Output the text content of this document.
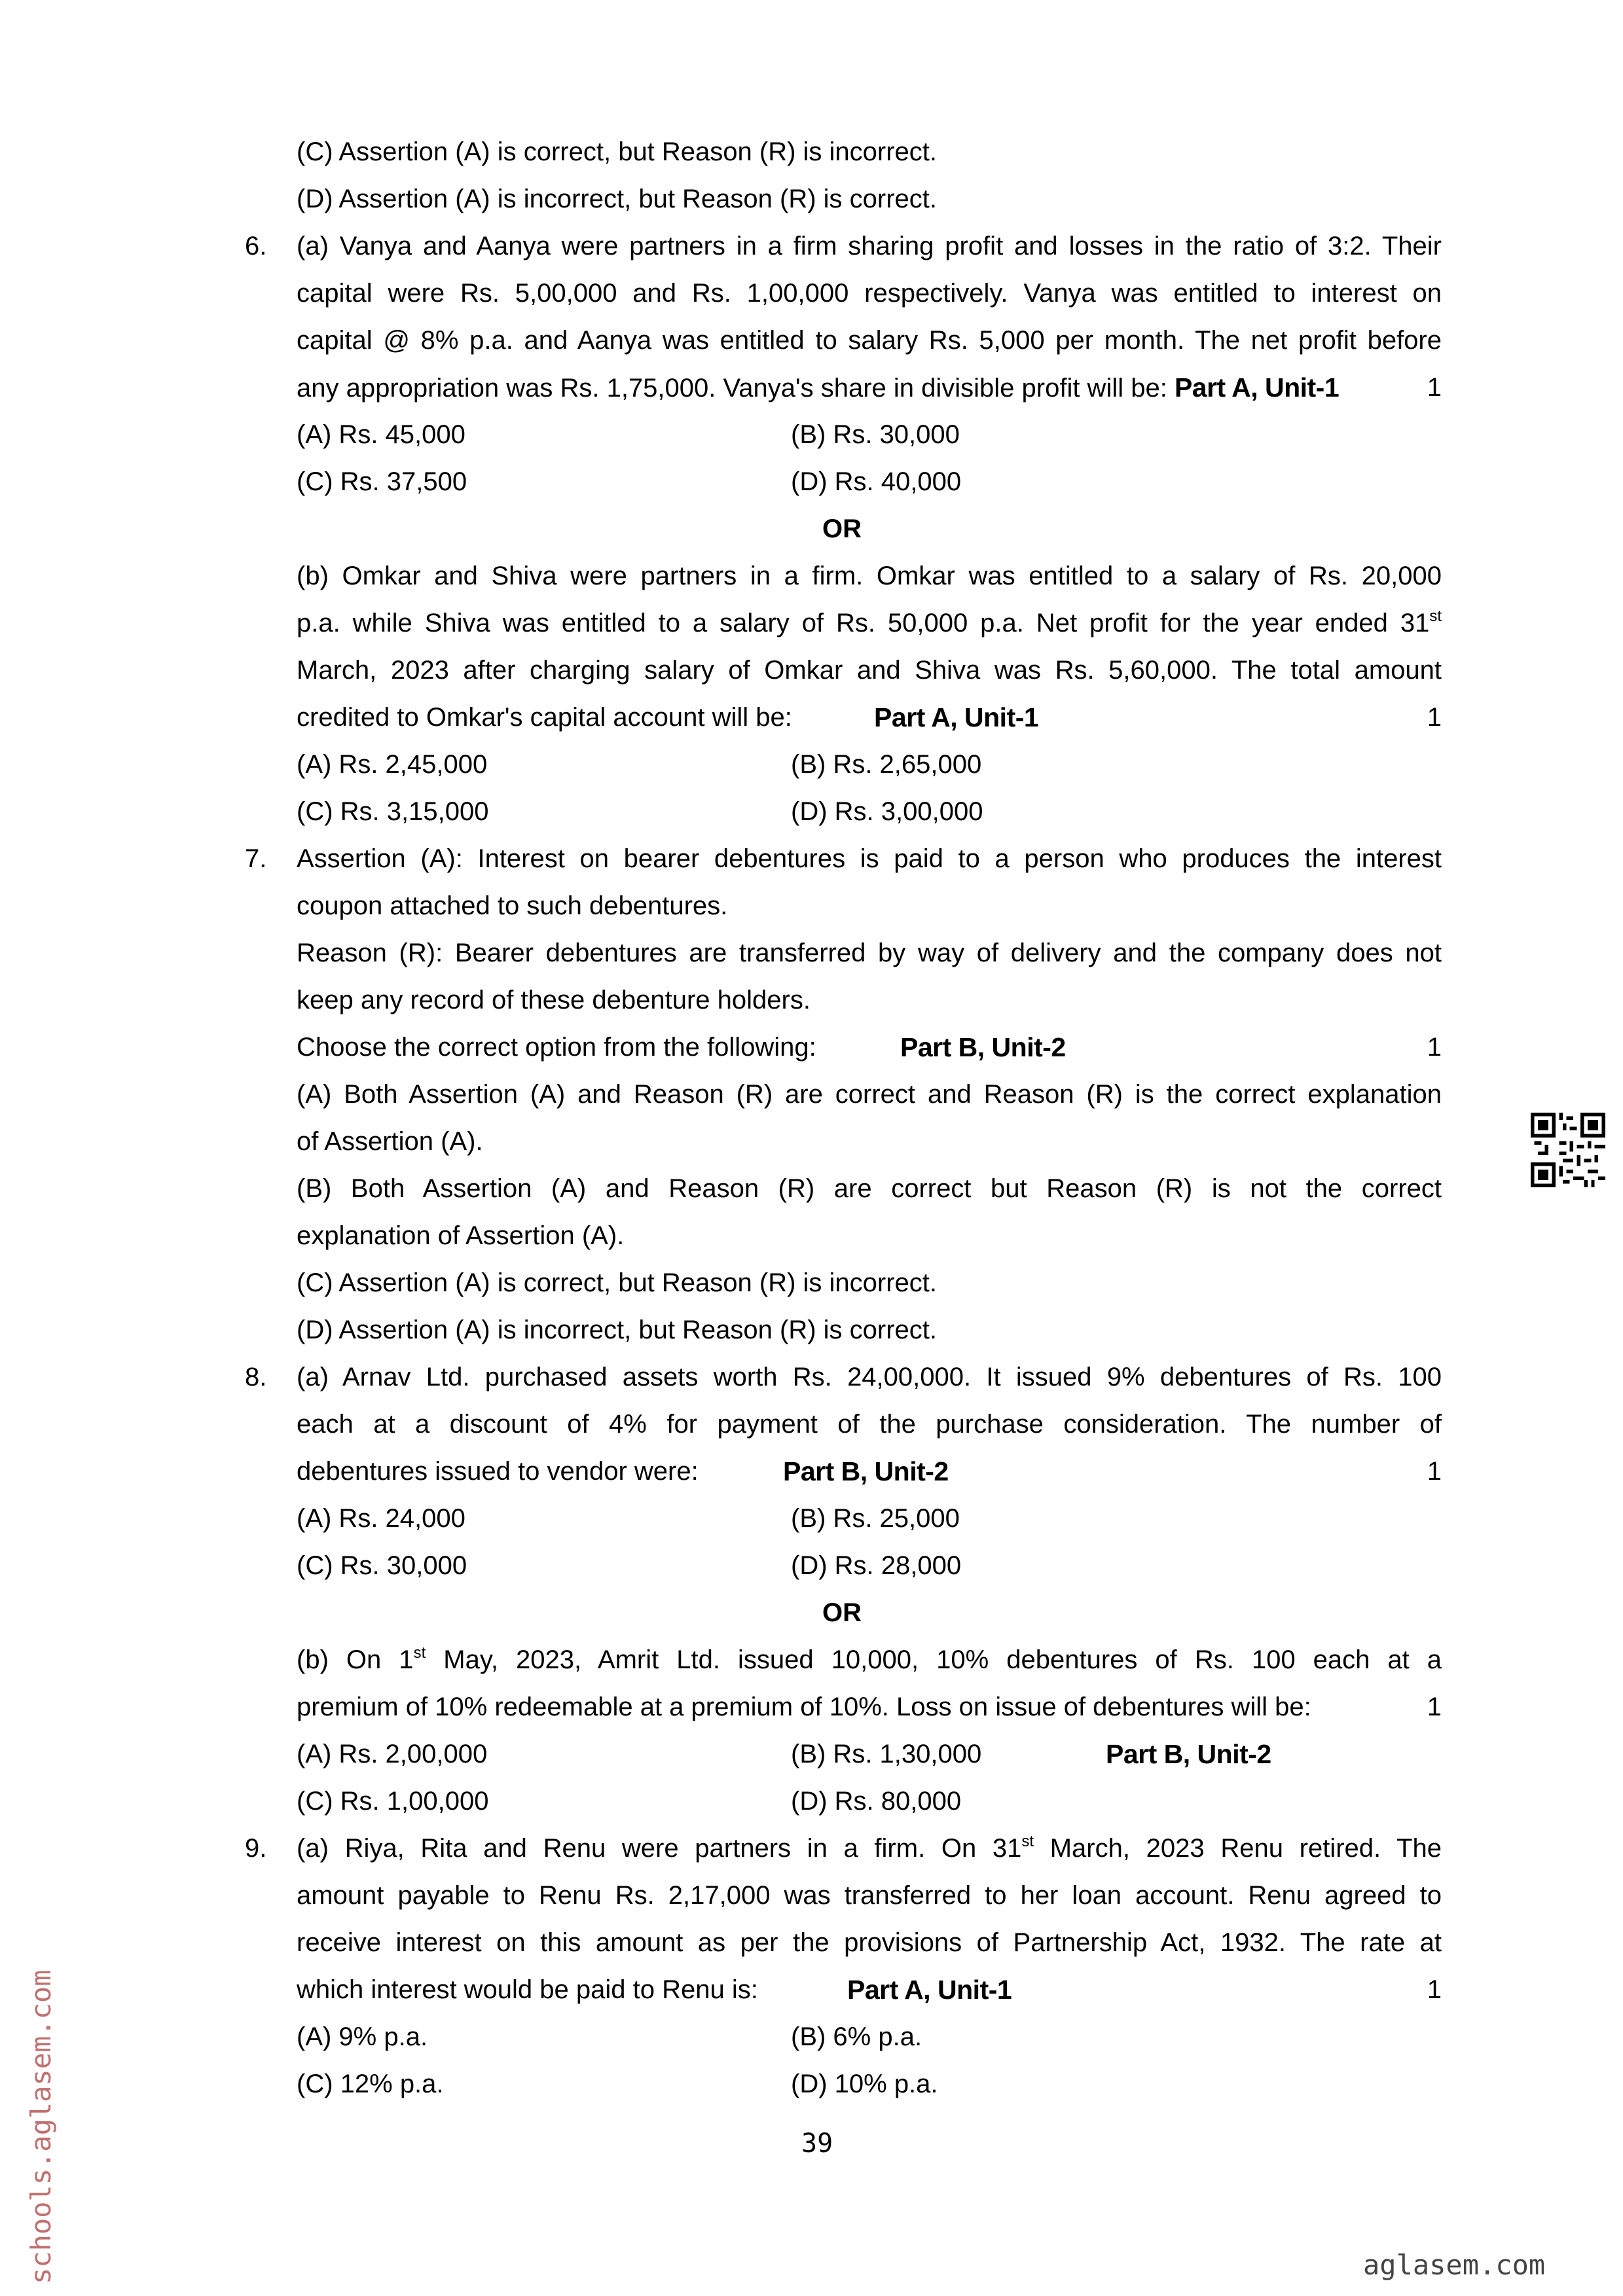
(C) Assertion (A) is correct, but Reason (R) is incorrect.
(D) Assertion (A) is incorrect, but Reason (R) is correct.
6. (a) Vanya and Aanya were partners in a firm sharing profit and losses in the ratio of 3:2. Their
capital were Rs. 5,00,000 and Rs. 1,00,000 respectively. Vanya was entitled to interest on
capital @ 8% p.a. and Aanya was entitled to salary Rs. 5,000 per month. The net profit before
any appropriation was Rs. 1,75,000. Vanya's share in divisible profit will be: Part A, Unit-1	1
(A) Rs. 45,000	(B) Rs. 30,000
(C) Rs. 37,500	(D) Rs. 40,000
OR
(b) Omkar and Shiva were partners in a firm. Omkar was entitled to a salary of Rs. 20,000
p.a. while Shiva was entitled to a salary of Rs. 50,000 p.a. Net profit for the year ended 31st
March, 2023 after charging salary of Omkar and Shiva was Rs. 5,60,000. The total amount
credited to Omkar's capital account will be:	Part A, Unit-1	1
(A) Rs. 2,45,000	(B) Rs. 2,65,000
(C) Rs. 3,15,000	(D) Rs. 3,00,000
7. Assertion (A): Interest on bearer debentures is paid to a person who produces the interest
coupon attached to such debentures.
Reason (R): Bearer debentures are transferred by way of delivery and the company does not
keep any record of these debenture holders.
Choose the correct option from the following:	Part B, Unit-2	1
(A) Both Assertion (A) and Reason (R) are correct and Reason (R) is the correct explanation
of Assertion (A).
(B) Both Assertion (A) and Reason (R) are correct but Reason (R) is not the correct
explanation of Assertion (A).
(C) Assertion (A) is correct, but Reason (R) is incorrect.
(D) Assertion (A) is incorrect, but Reason (R) is correct.
8. (a) Arnav Ltd. purchased assets worth Rs. 24,00,000. It issued 9% debentures of Rs. 100
each at a discount of 4% for payment of the purchase consideration. The number of
debentures issued to vendor were:	Part B, Unit-2	1
(A) Rs. 24,000	(B) Rs. 25,000
(C) Rs. 30,000	(D) Rs. 28,000
OR
(b) On 1st May, 2023, Amrit Ltd. issued 10,000, 10% debentures of Rs. 100 each at a
premium of 10% redeemable at a premium of 10%. Loss on issue of debentures will be:	1
(A) Rs. 2,00,000	(B) Rs. 1,30,000	Part B, Unit-2
(C) Rs. 1,00,000	(D) Rs. 80,000
9. (a) Riya, Rita and Renu were partners in a firm. On 31st March, 2023 Renu retired. The
amount payable to Renu Rs. 2,17,000 was transferred to her loan account. Renu agreed to
receive interest on this amount as per the provisions of Partnership Act, 1932. The rate at
which interest would be paid to Renu is:	Part A, Unit-1	1
(A) 9% p.a.	(B) 6% p.a.
(C) 12% p.a.	(D) 10% p.a.
39
schools.aglasem.com	aglasem.com
